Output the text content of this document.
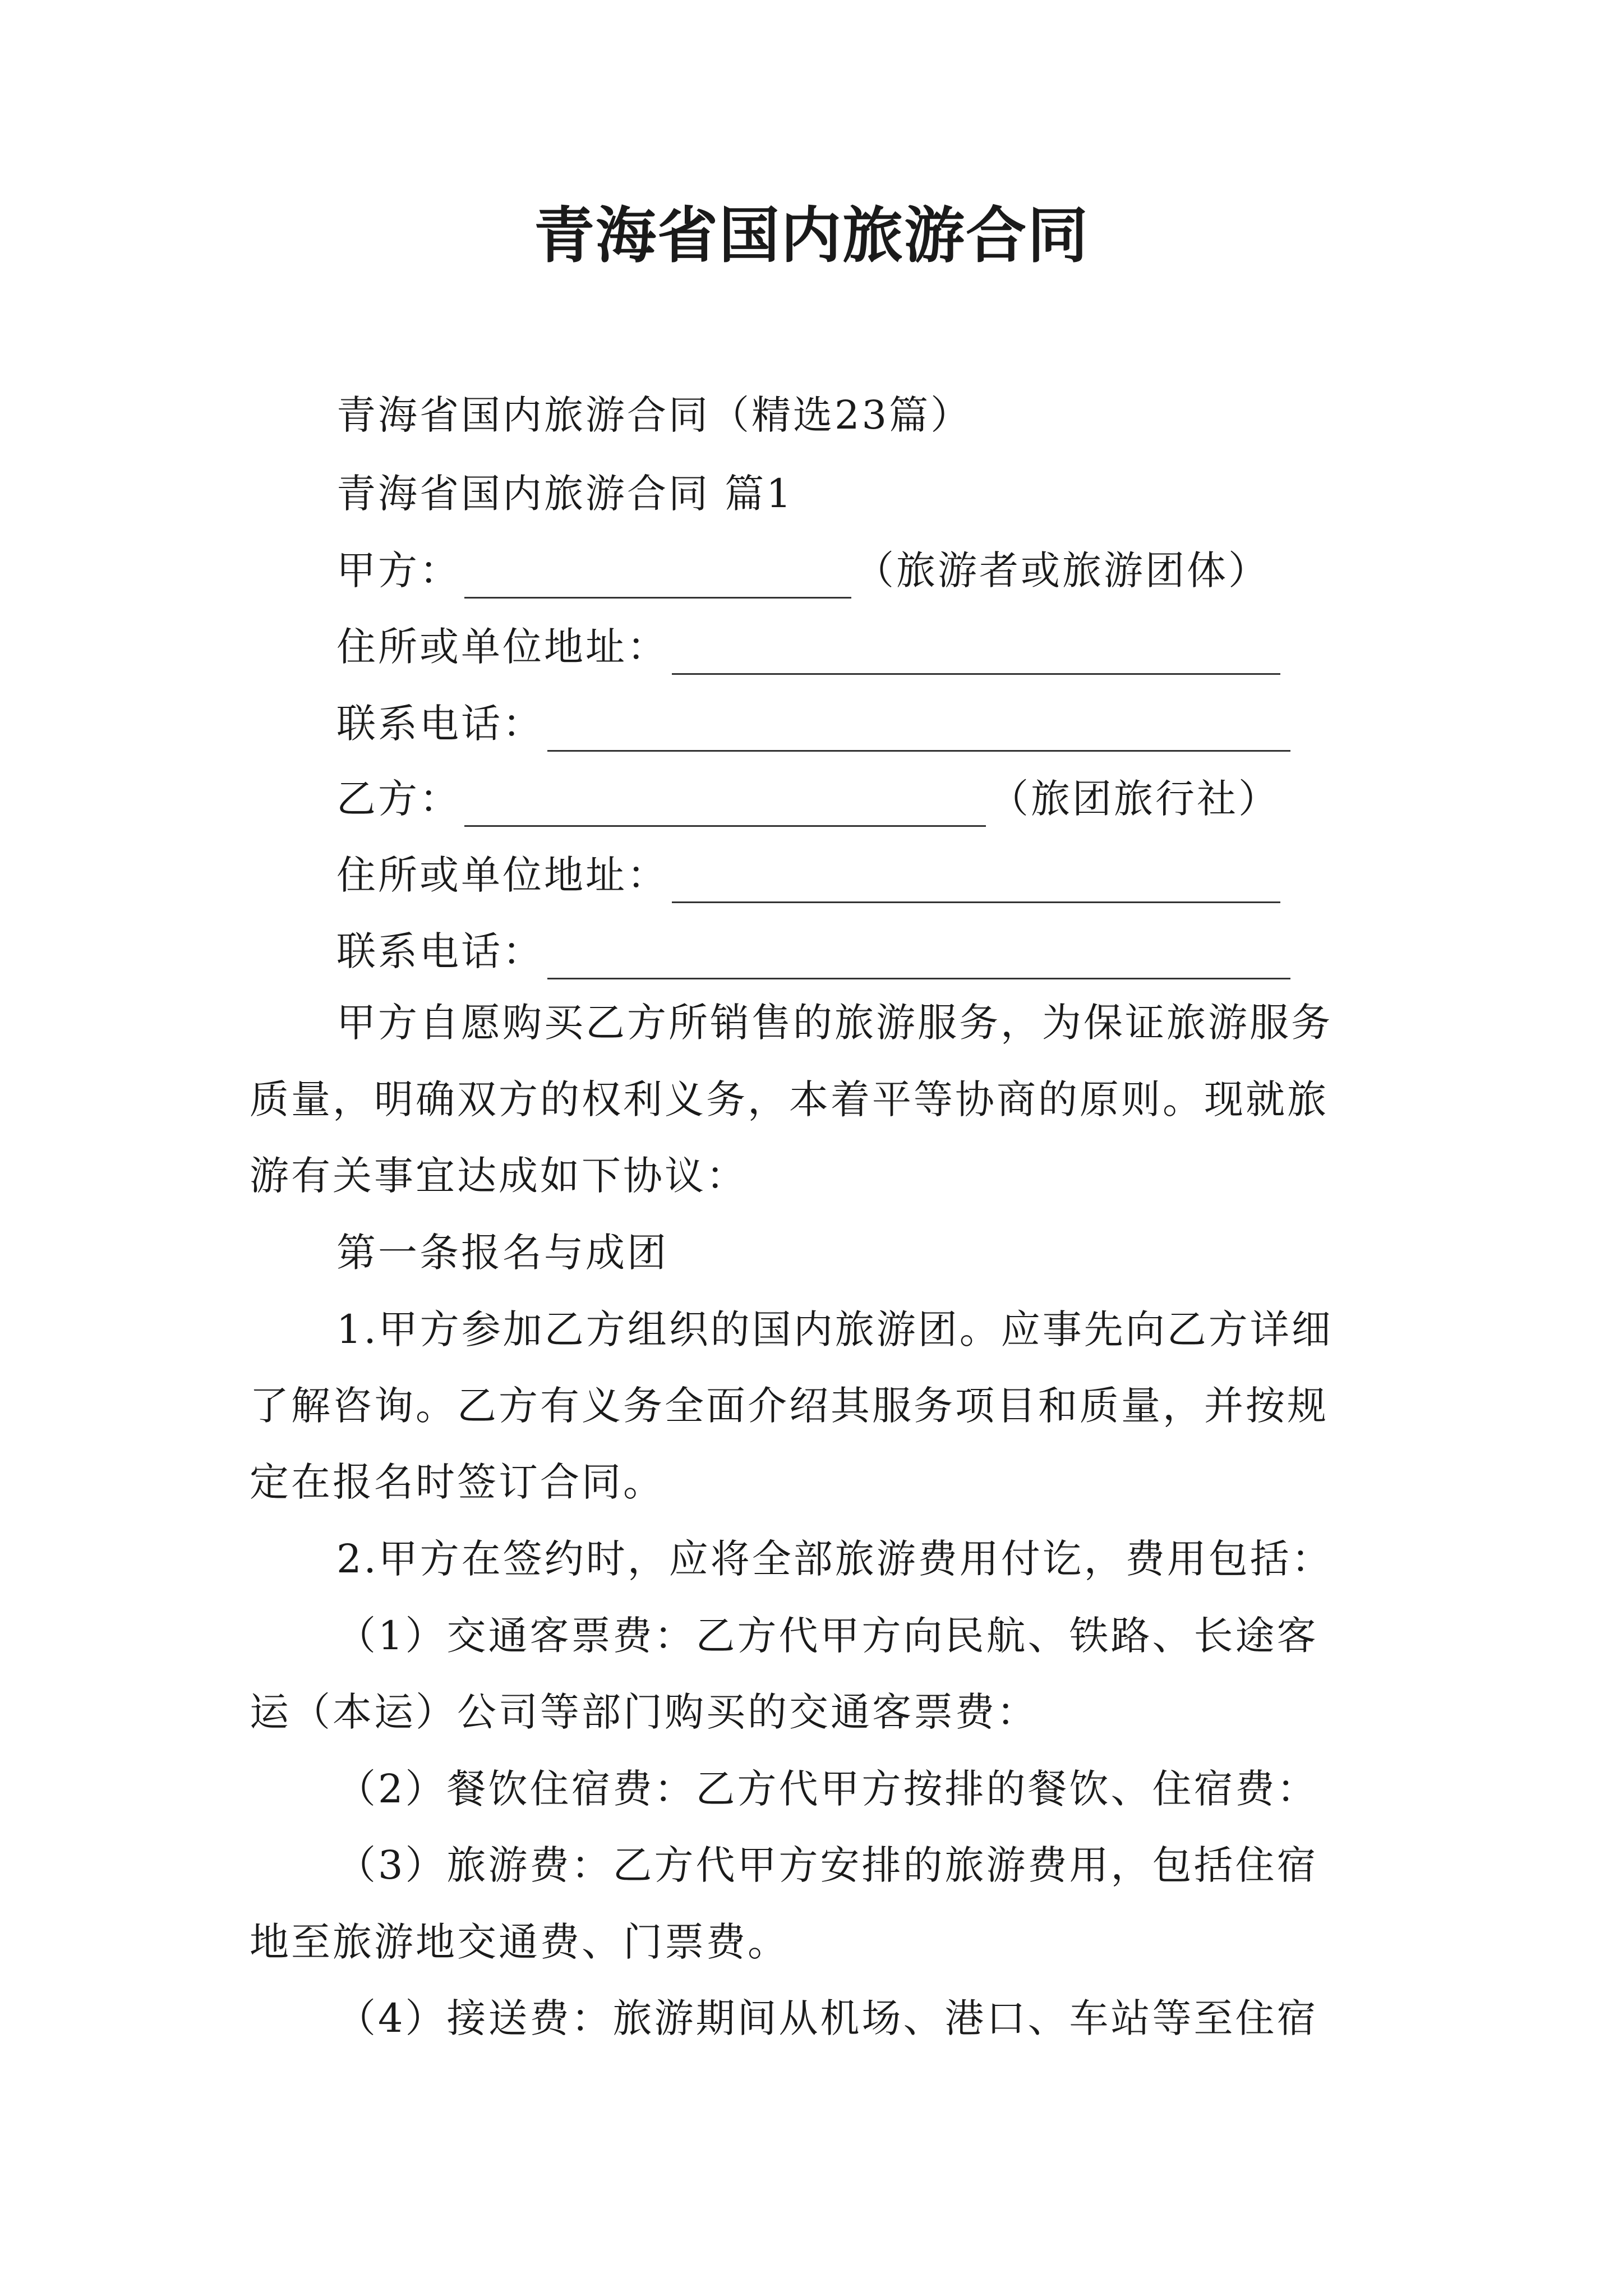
青海省国内旅游合同
青海省国内旅游合同（精选23篇）
青海省国内旅游合同 篇1
甲方：	（旅游者或旅游团体）
住所或单位地址：
联系电话：
乙方：	（旅团旅行社）
住所或单位地址：
联系电话：
甲方自愿购买乙方所销售的旅游服务，为保证旅游服务
质量，明确双方的权利义务，本着平等协商的原则。现就旅
游有关事宜达成如下协议：
第一条报名与成团
1.甲方参加乙方组织的国内旅游团。应事先向乙方详细
了解咨询。乙方有义务全面介绍其服务项目和质量，并按规
定在报名时签订合同。
2.甲方在签约时，应将全部旅游费用付讫，费用包括：
（1）交通客票费：乙方代甲方向民航、铁路、长途客
运（本运）公司等部门购买的交通客票费：
（2）餐饮住宿费：乙方代甲方按排的餐饮、住宿费：
（3）旅游费：乙方代甲方安排的旅游费用，包括住宿
地至旅游地交通费、门票费。
（4）接送费：旅游期间从机场、港口、车站等至住宿
